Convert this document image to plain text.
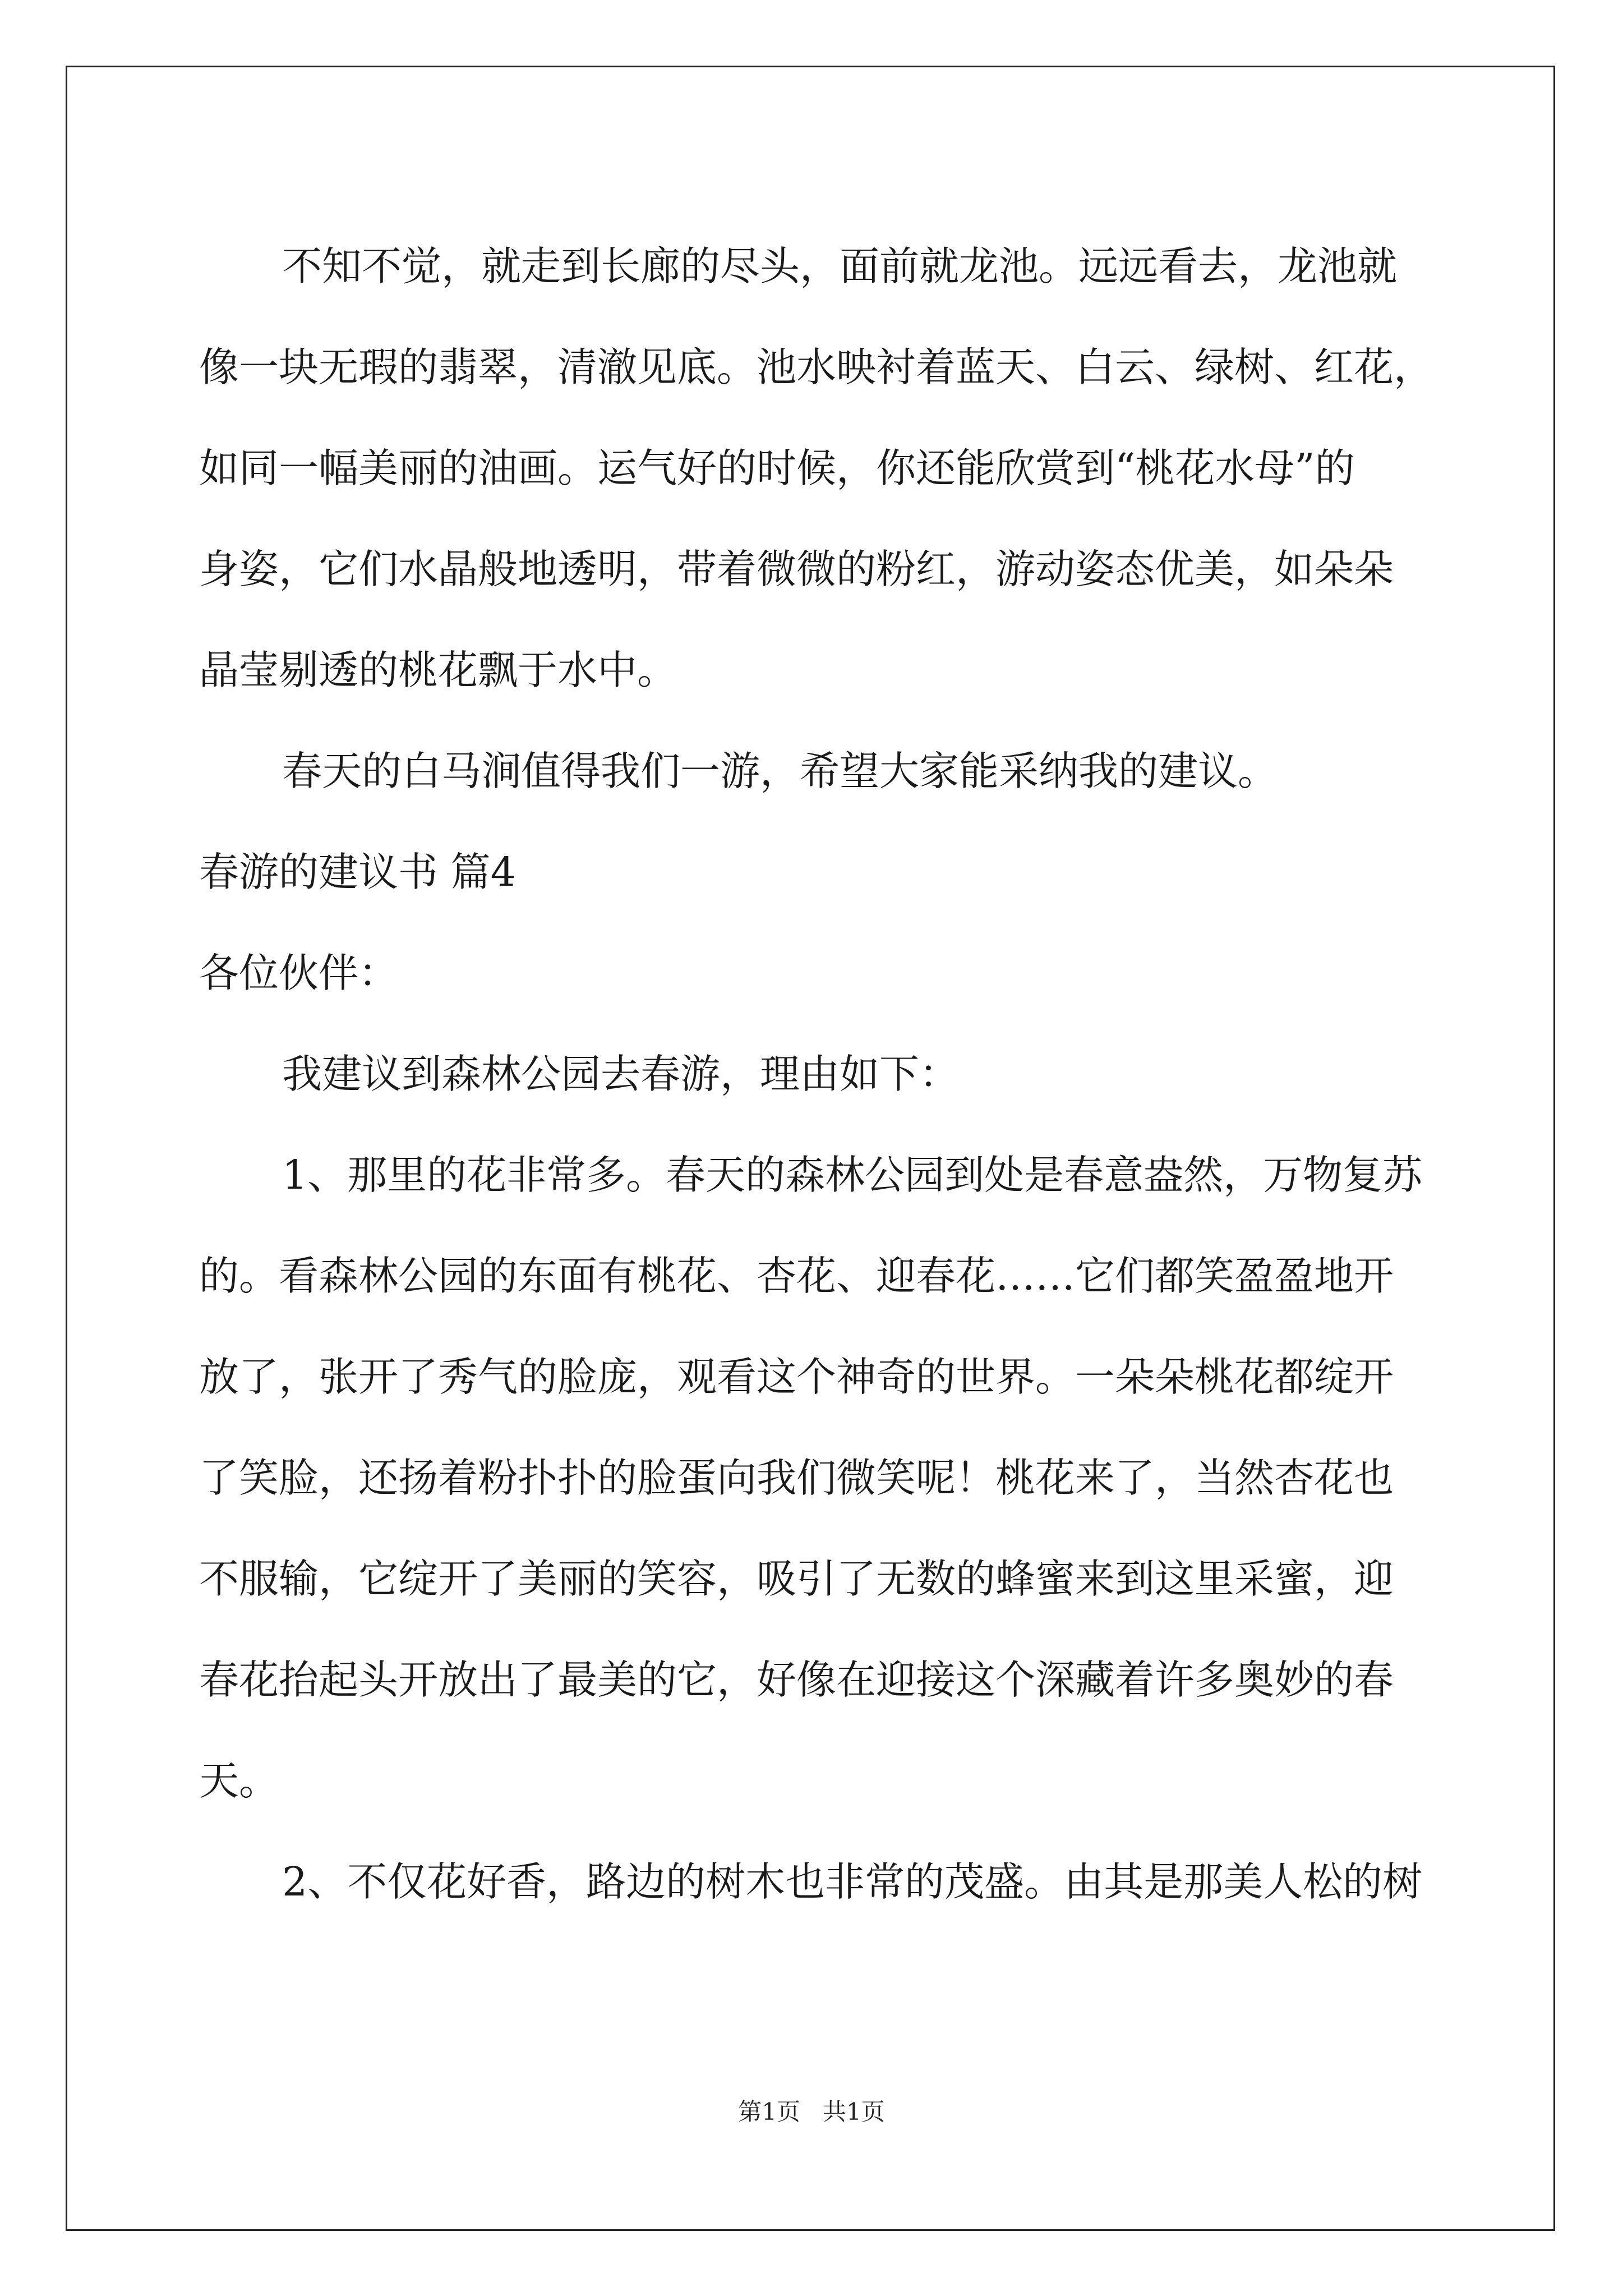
不知不觉，就走到长廊的尽头，面前就龙池。远远看去，龙池就
像一块无瑕的翡翠，清澈见底。池水映衬着蓝天、白云、绿树、红花，
如同一幅美丽的油画。运气好的时候，你还能欣赏到“桃花水母”的
身姿，它们水晶般地透明，带着微微的粉红，游动姿态优美，如朵朵
晶莹剔透的桃花飘于水中。
春天的白马涧值得我们一游，希望大家能采纳我的建议。
春游的建议书 篇4
各位伙伴：
我建议到森林公园去春游，理由如下：
1、那里的花非常多。春天的森林公园到处是春意盎然，万物复苏
的。看森林公园的东面有桃花、杏花、迎春花……它们都笑盈盈地开
放了，张开了秀气的脸庞，观看这个神奇的世界。一朵朵桃花都绽开
了笑脸，还扬着粉扑扑的脸蛋向我们微笑呢！桃花来了，当然杏花也
不服输，它绽开了美丽的笑容，吸引了无数的蜂蜜来到这里采蜜，迎
春花抬起头开放出了最美的它，好像在迎接这个深藏着许多奥妙的春
天。
2、不仅花好香，路边的树木也非常的茂盛。由其是那美人松的树
第1页 共1页
